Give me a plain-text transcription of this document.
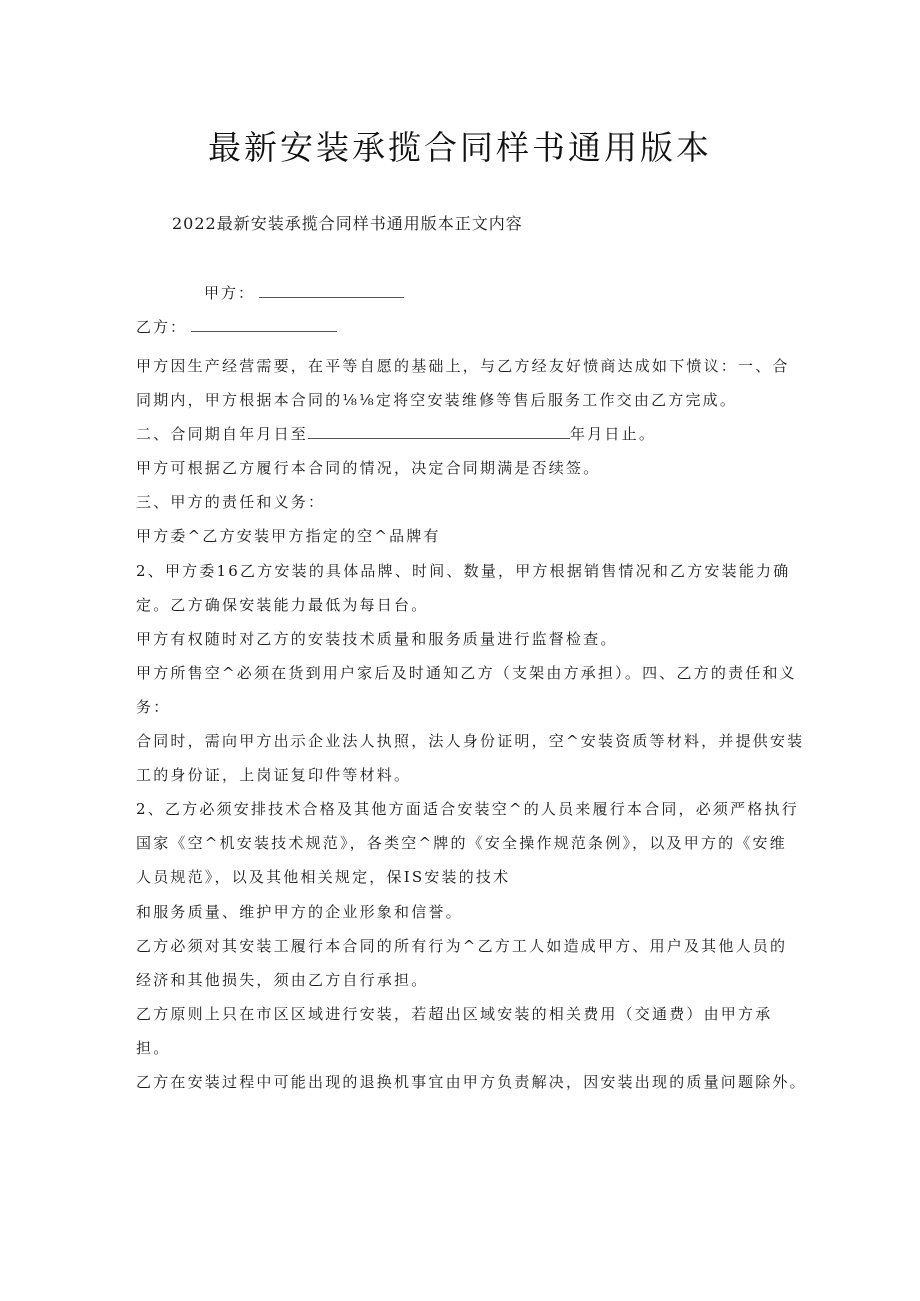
最新安装承揽合同样书通用版本
2022最新安装承揽合同样书通用版本正文内容
甲方：
乙方：

甲方因生产经营需要，在平等自愿的基础上，与乙方经友好愤商达成如下愤议：一、合

同期内，甲方根据本合同的⅛⅛定将空安装维修等售后服务工作交由乙方完成。

二、合同期自年月日至	年月日止。

甲方可根据乙方履行本合同的情况，决定合同期满是否续签。

三、甲方的责任和义务：

甲方委^乙方安装甲方指定的空^品牌有

2、甲方委16乙方安装的具体品牌、时间、数量，甲方根据销售情况和乙方安装能力确

定。乙方确保安装能力最低为每日台。

甲方有权随时对乙方的安装技术质量和服务质量进行监督检查。

甲方所售空^必须在货到用户家后及时通知乙方（支架由方承担）。四、乙方的责任和义

务：

合同时，需向甲方出示企业法人执照，法人身份证明，空^安装资质等材料，并提供安装

工的身份证，上岗证复印件等材料。

2、乙方必须安排技术合格及其他方面适合安装空^的人员来履行本合同，必须严格执行

国家《空^机安装技术规范》，各类空^牌的《安全操作规范条例》，以及甲方的《安维

人员规范》，以及其他相关规定，保IS安装的技术

和服务质量、维护甲方的企业形象和信誉。

乙方必须对其安装工履行本合同的所有行为^乙方工人如造成甲方、用户及其他人员的

经济和其他损失，须由乙方自行承担。

乙方原则上只在市区区域进行安装，若超出区域安装的相关费用（交通费）由甲方承

担。

乙方在安装过程中可能出现的退换机事宜由甲方负责解决，因安装出现的质量问题除外。
